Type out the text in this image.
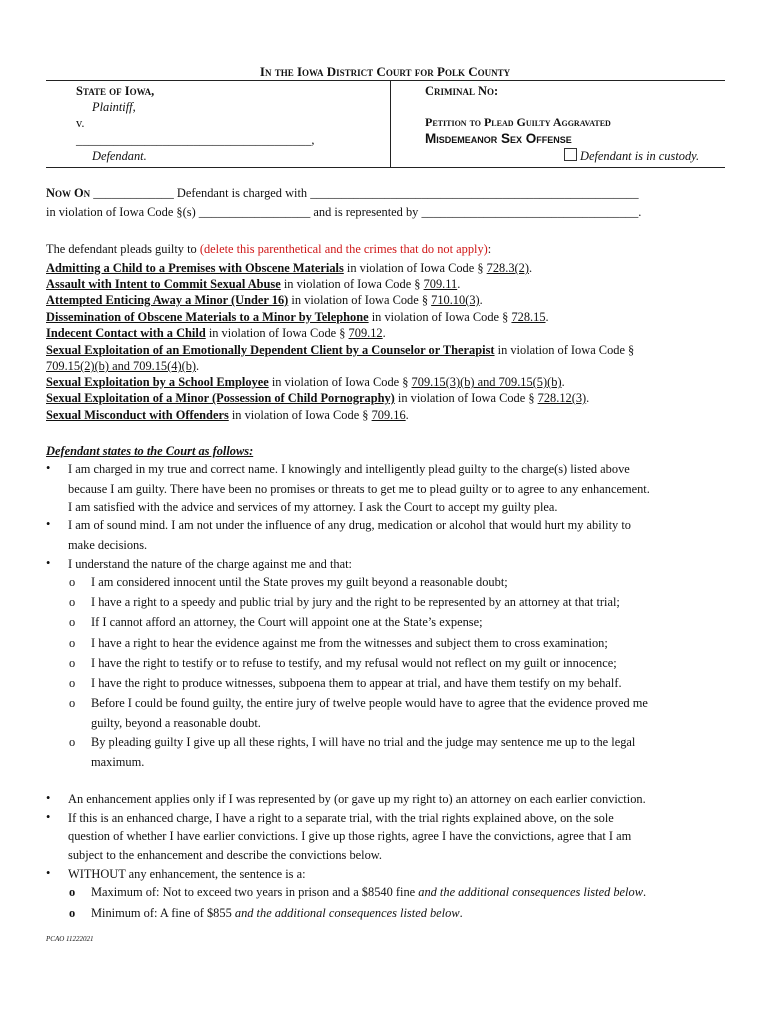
In the Iowa District Court for Polk County
State of Iowa,
Plaintiff,
v.
______________________________________,
Defendant.
Criminal No:
Petition to Plead Guilty Aggravated
Misdemeanor Sex Offense
Defendant is in custody.
Now On _____________ Defendant is charged with _____________________________________________________
in violation of Iowa Code §(s) __________________ and is represented by ___________________________________.
The defendant pleads guilty to (delete this parenthetical and the crimes that do not apply):
Admitting a Child to a Premises with Obscene Materials in violation of Iowa Code § 728.3(2).
Assault with Intent to Commit Sexual Abuse in violation of Iowa Code § 709.11.
Attempted Enticing Away a Minor (Under 16) in violation of Iowa Code § 710.10(3).
Dissemination of Obscene Materials to a Minor by Telephone in violation of Iowa Code § 728.15.
Indecent Contact with a Child in violation of Iowa Code § 709.12.
Sexual Exploitation of an Emotionally Dependent Client by a Counselor or Therapist in violation of Iowa Code §
709.15(2)(b) and 709.15(4)(b).
Sexual Exploitation by a School Employee in violation of Iowa Code § 709.15(3)(b) and 709.15(5)(b).
Sexual Exploitation of a Minor (Possession of Child Pornography) in violation of Iowa Code § 728.12(3).
Sexual Misconduct with Offenders in violation of Iowa Code § 709.16.
Defendant states to the Court as follows:
• I am charged in my true and correct name. I knowingly and intelligently plead guilty to the charge(s) listed above
because I am guilty. There have been no promises or threats to get me to plead guilty or to agree to any enhancement.
I am satisfied with the advice and services of my attorney. I ask the Court to accept my guilty plea.
• I am of sound mind. I am not under the influence of any drug, medication or alcohol that would hurt my ability to
make decisions.
• I understand the nature of the charge against me and that:
o I am considered innocent until the State proves my guilt beyond a reasonable doubt;
o I have a right to a speedy and public trial by jury and the right to be represented by an attorney at that trial;
o If I cannot afford an attorney, the Court will appoint one at the State’s expense;
o I have a right to hear the evidence against me from the witnesses and subject them to cross examination;
o I have the right to testify or to refuse to testify, and my refusal would not reflect on my guilt or innocence;
o I have the right to produce witnesses, subpoena them to appear at trial, and have them testify on my behalf.
o Before I could be found guilty, the entire jury of twelve people would have to agree that the evidence proved me
guilty, beyond a reasonable doubt.
o By pleading guilty I give up all these rights, I will have no trial and the judge may sentence me up to the legal
maximum.
• An enhancement applies only if I was represented by (or gave up my right to) an attorney on each earlier conviction.
• If this is an enhanced charge, I have a right to a separate trial, with the trial rights explained above, on the sole
question of whether I have earlier convictions. I give up those rights, agree I have the convictions, agree that I am
subject to the enhancement and describe the convictions below.
• WITHOUT any enhancement, the sentence is a:
o Maximum of: Not to exceed two years in prison and a $8540 fine and the additional consequences listed below.
o Minimum of: A fine of $855 and the additional consequences listed below.
PCAO 11222021
